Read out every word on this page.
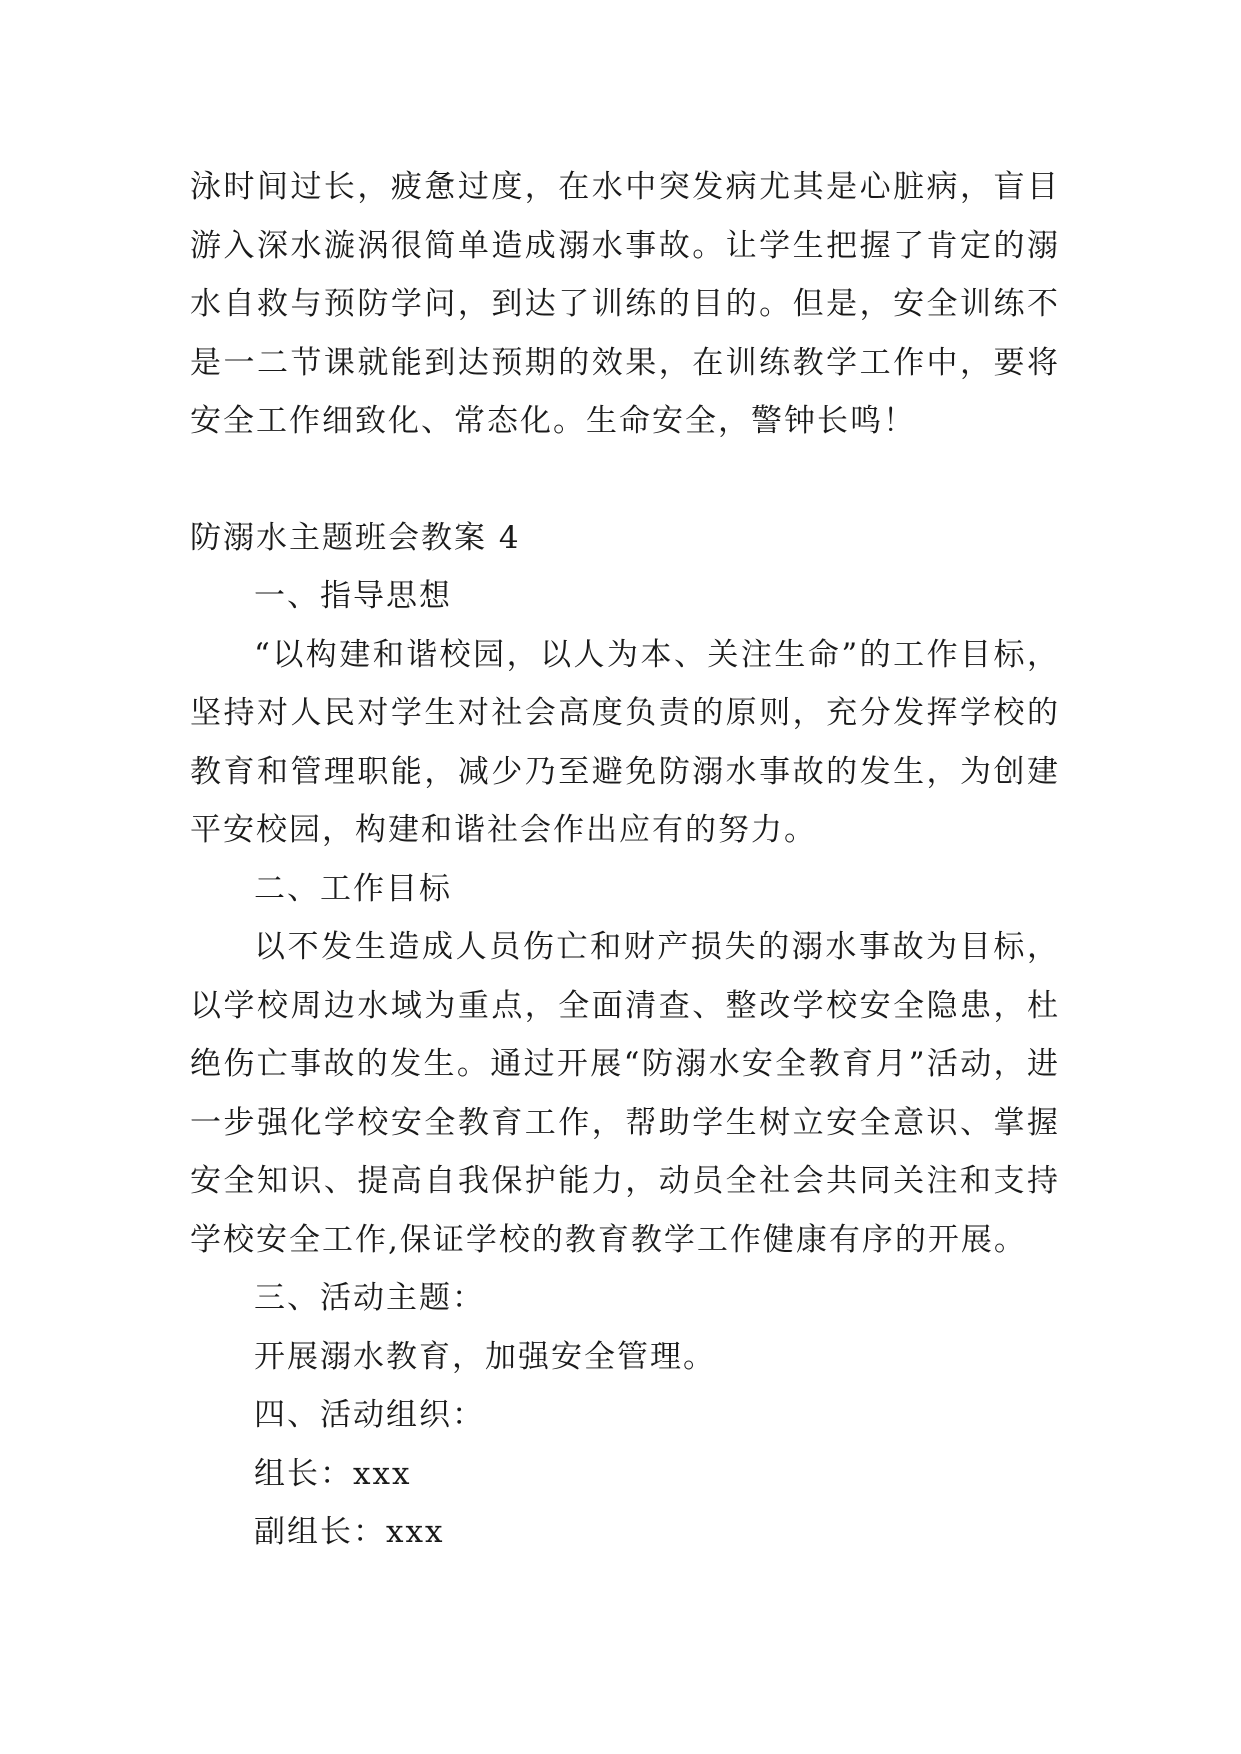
泳时间过长，疲惫过度，在水中突发病尤其是心脏病，盲目游入深水漩涡很简单造成溺水事故。让学生把握了肯定的溺水自救与预防学问，到达了训练的目的。但是，安全训练不是一二节课就能到达预期的效果，在训练教学工作中，要将安全工作细致化、常态化。生命安全，警钟长鸣！

防溺水主题班会教案 4

一、指导思想

“以构建和谐校园，以人为本、关注生命”的工作目标，坚持对人民对学生对社会高度负责的原则，充分发挥学校的教育和管理职能，减少乃至避免防溺水事故的发生，为创建平安校园，构建和谐社会作出应有的努力。

二、工作目标

以不发生造成人员伤亡和财产损失的溺水事故为目标，以学校周边水域为重点，全面清查、整改学校安全隐患，杜绝伤亡事故的发生。通过开展“防溺水安全教育月”活动，进一步强化学校安全教育工作，帮助学生树立安全意识、掌握安全知识、提高自我保护能力，动员全社会共同关注和支持学校安全工作,保证学校的教育教学工作健康有序的开展。

三、活动主题：

开展溺水教育，加强安全管理。

四、活动组织：

组长：xxx

副组长：xxx
